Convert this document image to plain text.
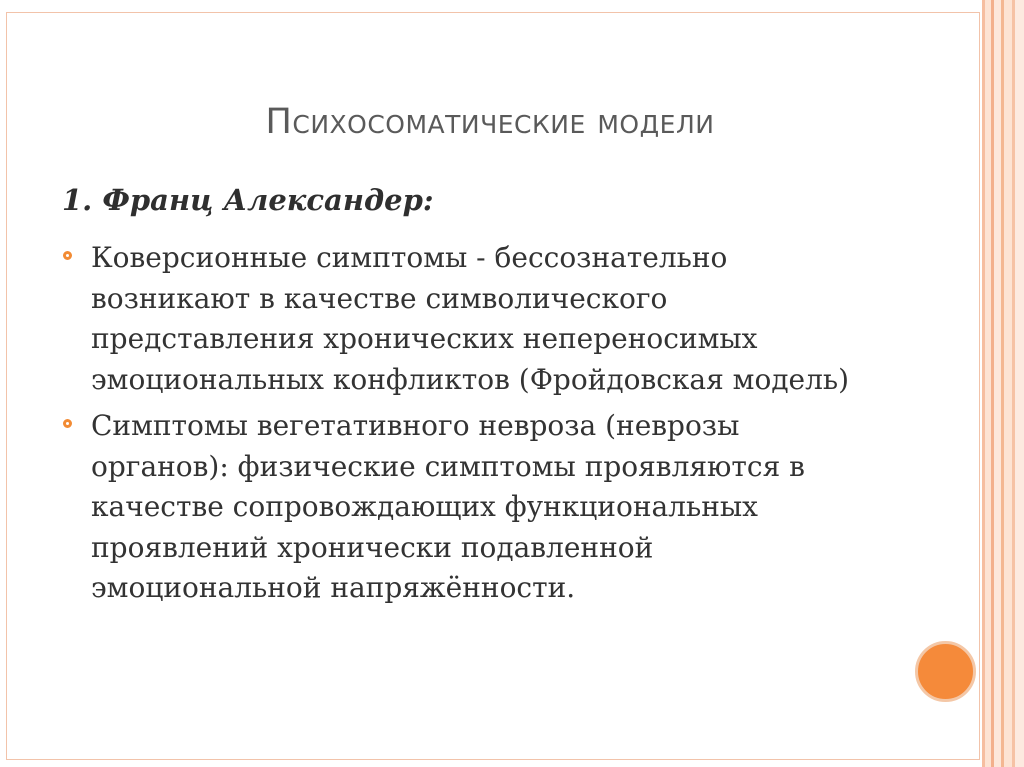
Психосоматические модели
1. Франц Александер:
Коверсионные симптомы - бессознательно возникают в качестве символического представления хронических непереносимых эмоциональных конфликтов (Фройдовская модель)
Симптомы вегетативного невроза (неврозы органов): физические симптомы проявляются в качестве сопровождающих функциональных проявлений хронически подавленной эмоциональной напряжённости.
